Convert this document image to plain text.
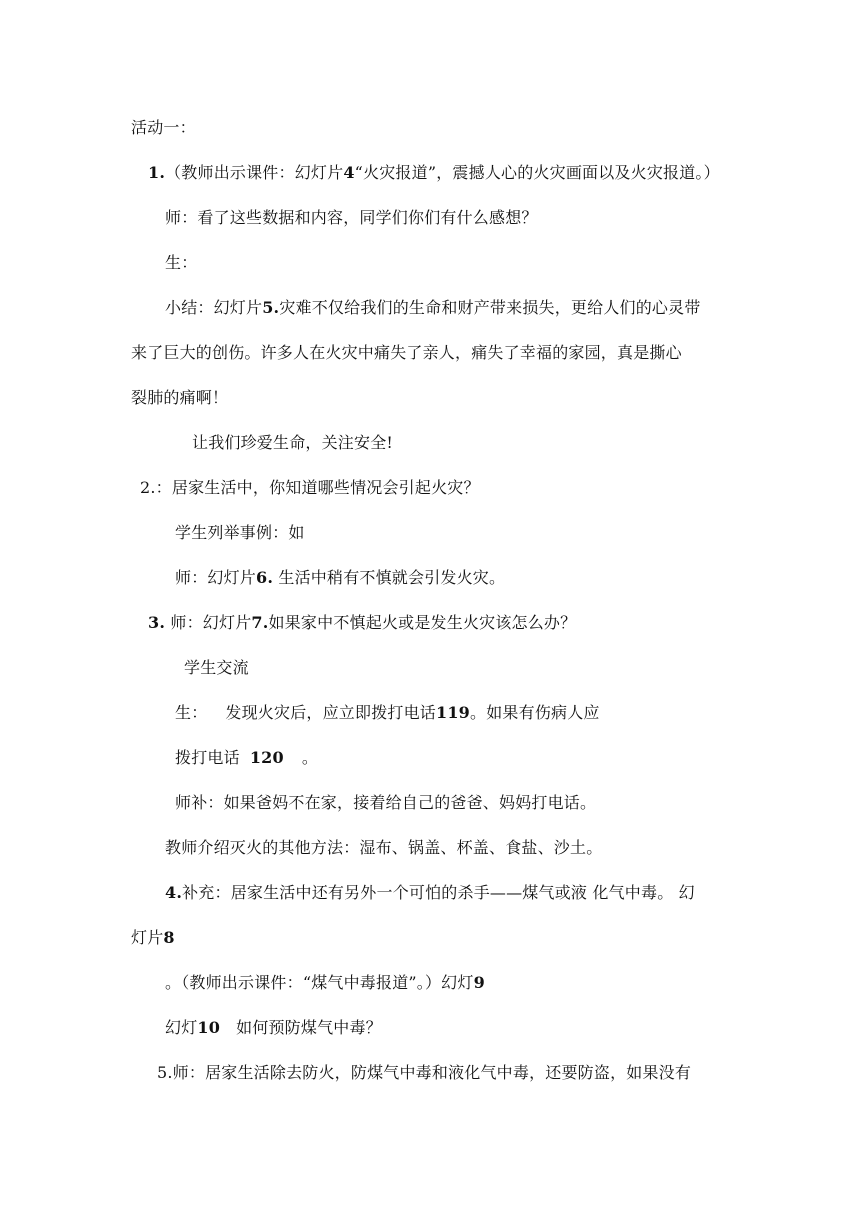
活动一：
1.（教师出示课件：幻灯片4“火灾报道”，震撼人心的火灾画面以及火灾报道。）
师：看了这些数据和内容，同学们你们有什么感想？
生：
小结：幻灯片5.灾难不仅给我们的生命和财产带来损失，更给人们的心灵带
来了巨大的创伤。许多人在火灾中痛失了亲人，痛失了幸福的家园，真是撕心
裂肺的痛啊！
让我们珍爱生命，关注安全!
2.：居家生活中，你知道哪些情况会引起火灾？
学生列举事例：如
师：幻灯片6. 生活中稍有不慎就会引发火灾。
3. 师：幻灯片7.如果家中不慎起火或是发生火灾该怎么办？
学生交流
生： 发现火灾后，应立即拨打电话119。如果有伤病人应
拨打电话 120 。
师补：如果爸妈不在家，接着给自己的爸爸、妈妈打电话。
教师介绍灭火的其他方法：湿布、锅盖、杯盖、食盐、沙土。
4.补充：居家生活中还有另外一个可怕的杀手——煤气或液 化气中毒。 幻
灯片8
。（教师出示课件：“煤气中毒报道”。）幻灯9
幻灯10 如何预防煤气中毒？
5.师：居家生活除去防火，防煤气中毒和液化气中毒，还要防盗，如果没有
